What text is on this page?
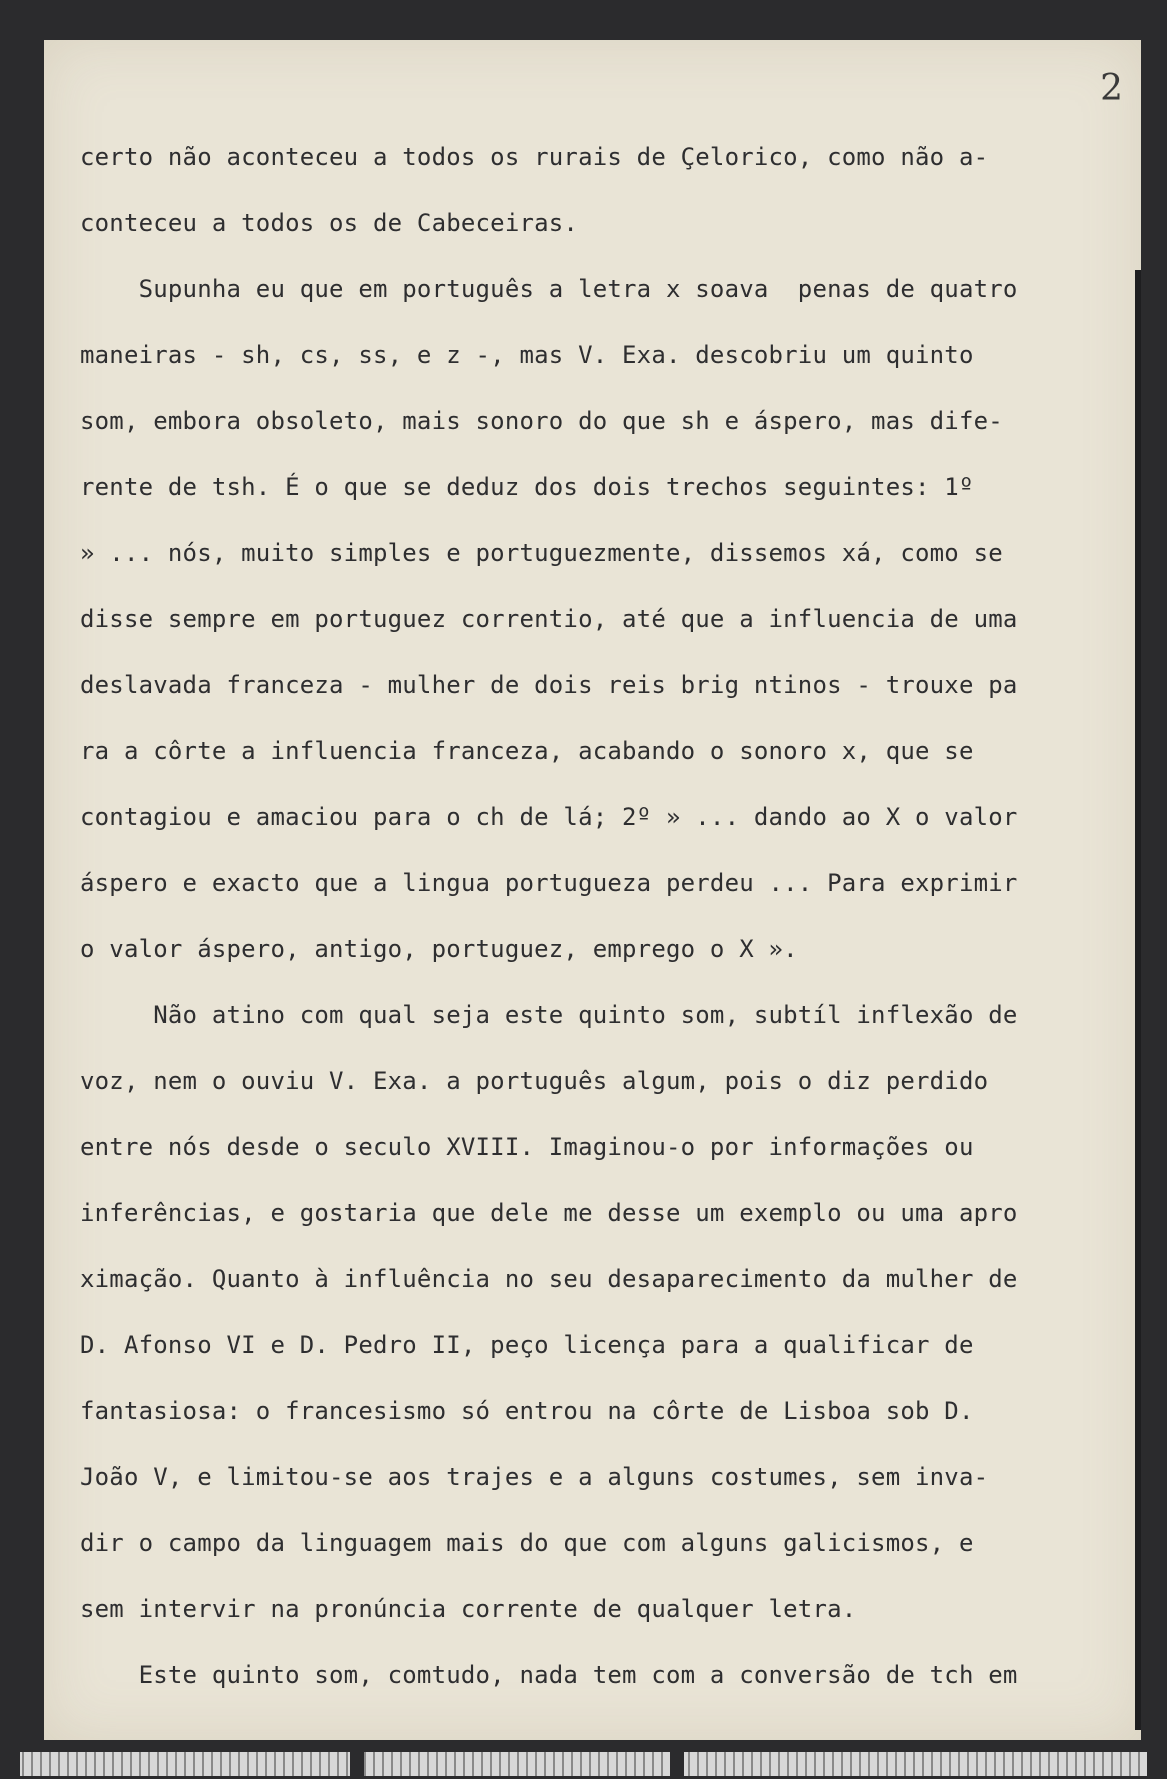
2
certo não aconteceu a todos os rurais de Çelorico, como não a-
conteceu a todos os de Cabeceiras.
Supunha eu que em português a letra x soava  penas de quatro
maneiras - sh, cs, ss, e z -, mas V. Exa. descobriu um quinto
som, embora obsoleto, mais sonoro do que sh e áspero, mas dife-
rente de tsh. É o que se deduz dos dois trechos seguintes: 1º
» ... nós, muito simples e portuguezmente, dissemos xá, como se
disse sempre em portuguez correntio, até que a influencia de uma
deslavada franceza - mulher de dois reis brig ntinos - trouxe pa
ra a côrte a influencia franceza, acabando o sonoro x, que se
contagiou e amaciou para o ch de lá; 2º » ... dando ao X o valor
áspero e exacto que a lingua portugueza perdeu ... Para exprimir
o valor áspero, antigo, portuguez, emprego o X ».
Não atino com qual seja este quinto som, subtíl inflexão de
voz, nem o ouviu V. Exa. a português algum, pois o diz perdido
entre nós desde o seculo XVIII. Imaginou-o por informações ou
inferências, e gostaria que dele me desse um exemplo ou uma apro
ximação. Quanto à influência no seu desaparecimento da mulher de
D. Afonso VI e D. Pedro II, peço licença para a qualificar de
fantasiosa: o francesismo só entrou na côrte de Lisboa sob D.
João V, e limitou-se aos trajes e a alguns costumes, sem inva-
dir o campo da linguagem mais do que com alguns galicismos, e
sem intervir na pronúncia corrente de qualquer letra.
Este quinto som, comtudo, nada tem com a conversão de tch em
